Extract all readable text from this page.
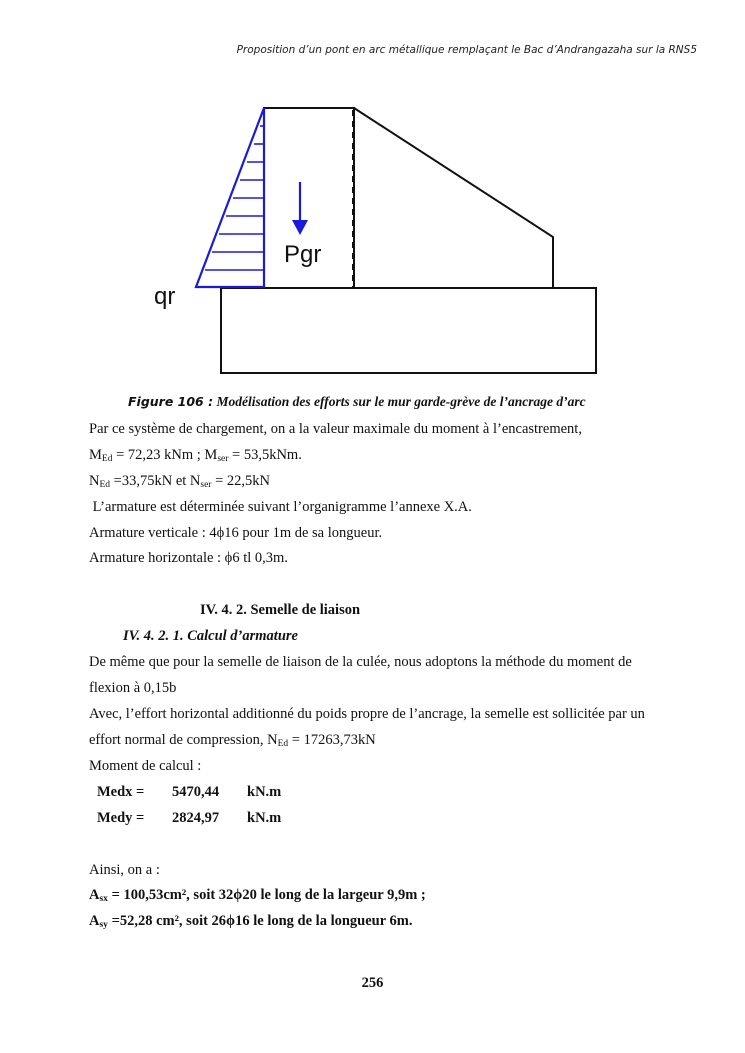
Proposition d’un pont en arc métallique remplaçant le Bac d’Andrangazaha sur la RNS5
Pgr
qr
Figure 106 : Modélisation des efforts sur le mur garde-grève de l’ancrage d’arc
Par ce système de chargement, on a la valeur maximale du moment à l’encastrement,
$M_{Ed} = 72,23$ kNm ; $M_{ser} = 53,5kNm$.
$N_{Ed} =33,75kN$ et $N_{ser} = 22,5kN$
L’armature est déterminée suivant l’organigramme l’annexe X.A.
Armature verticale : 4ϕ16 pour 1m de sa longueur.
Armature horizontale : ϕ6 tl 0,3m.
IV. 4. 2. Semelle de liaison
IV. 4. 2. 1. Calcul d’armature
De même que pour la semelle de liaison de la culée, nous adoptons la méthode du moment de
flexion à 0,15b
Avec, l’effort horizontal additionné du poids propre de l’ancrage, la semelle est sollicitée par un
effort normal de compression, $N_{Ed} = 17263,73kN$
Moment de calcul :
Medx = 5470,44 kN.m
Medy = 2824,97 kN.m
Ainsi, on a :
$A_{sx} = 100,53cm^2$, soit 32ϕ20 le long de la largeur 9,9m ;
$A_{sy} =52,28$ cm², soit 26ϕ16 le long de la longueur 6m.
256
